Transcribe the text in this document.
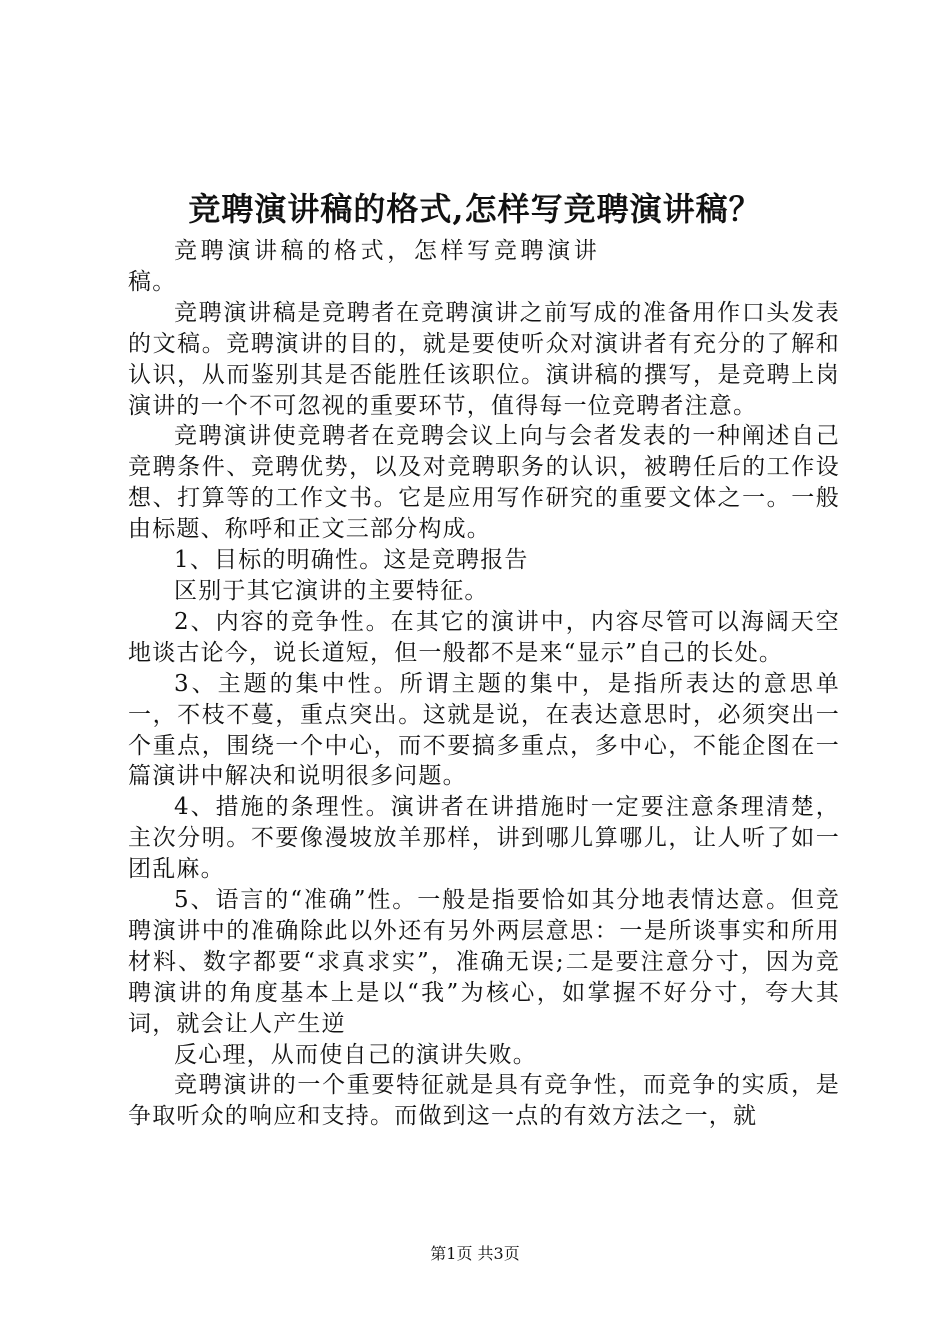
竞聘演讲稿的格式,怎样写竞聘演讲稿？

竞聘演讲稿的格式，怎样写竞聘演讲稿。

竞聘演讲稿是竞聘者在竞聘演讲之前写成的准备用作口头发表的文稿。竞聘演讲的目的，就是要使听众对演讲者有充分的了解和认识，从而鉴别其是否能胜任该职位。演讲稿的撰写，是竞聘上岗演讲的一个不可忽视的重要环节，值得每一位竞聘者注意。

竞聘演讲使竞聘者在竞聘会议上向与会者发表的一种阐述自己竞聘条件、竞聘优势，以及对竞聘职务的认识，被聘任后的工作设想、打算等的工作文书。它是应用写作研究的重要文体之一。一般由标题、称呼和正文三部分构成。

1、目标的明确性。这是竞聘报告

区别于其它演讲的主要特征。

2、内容的竞争性。在其它的演讲中，内容尽管可以海阔天空地谈古论今，说长道短，但一般都不是来“显示”自己的长处。

3、主题的集中性。所谓主题的集中，是指所表达的意思单一，不枝不蔓，重点突出。这就是说，在表达意思时，必须突出一个重点，围绕一个中心，而不要搞多重点，多中心，不能企图在一篇演讲中解决和说明很多问题。

4、措施的条理性。演讲者在讲措施时一定要注意条理清楚，主次分明。不要像漫坡放羊那样，讲到哪儿算哪儿，让人听了如一团乱麻。

5、语言的“准确”性。一般是指要恰如其分地表情达意。但竞聘演讲中的准确除此以外还有另外两层意思：一是所谈事实和所用材料、数字都要“求真求实”，准确无误;二是要注意分寸，因为竞聘演讲的角度基本上是以“我”为核心，如掌握不好分寸，夸大其词，就会让人产生逆

反心理，从而使自己的演讲失败。

竞聘演讲的一个重要特征就是具有竞争性，而竞争的实质，是争取听众的响应和支持。而做到这一点的有效方法之一，就

第1页 共3页
